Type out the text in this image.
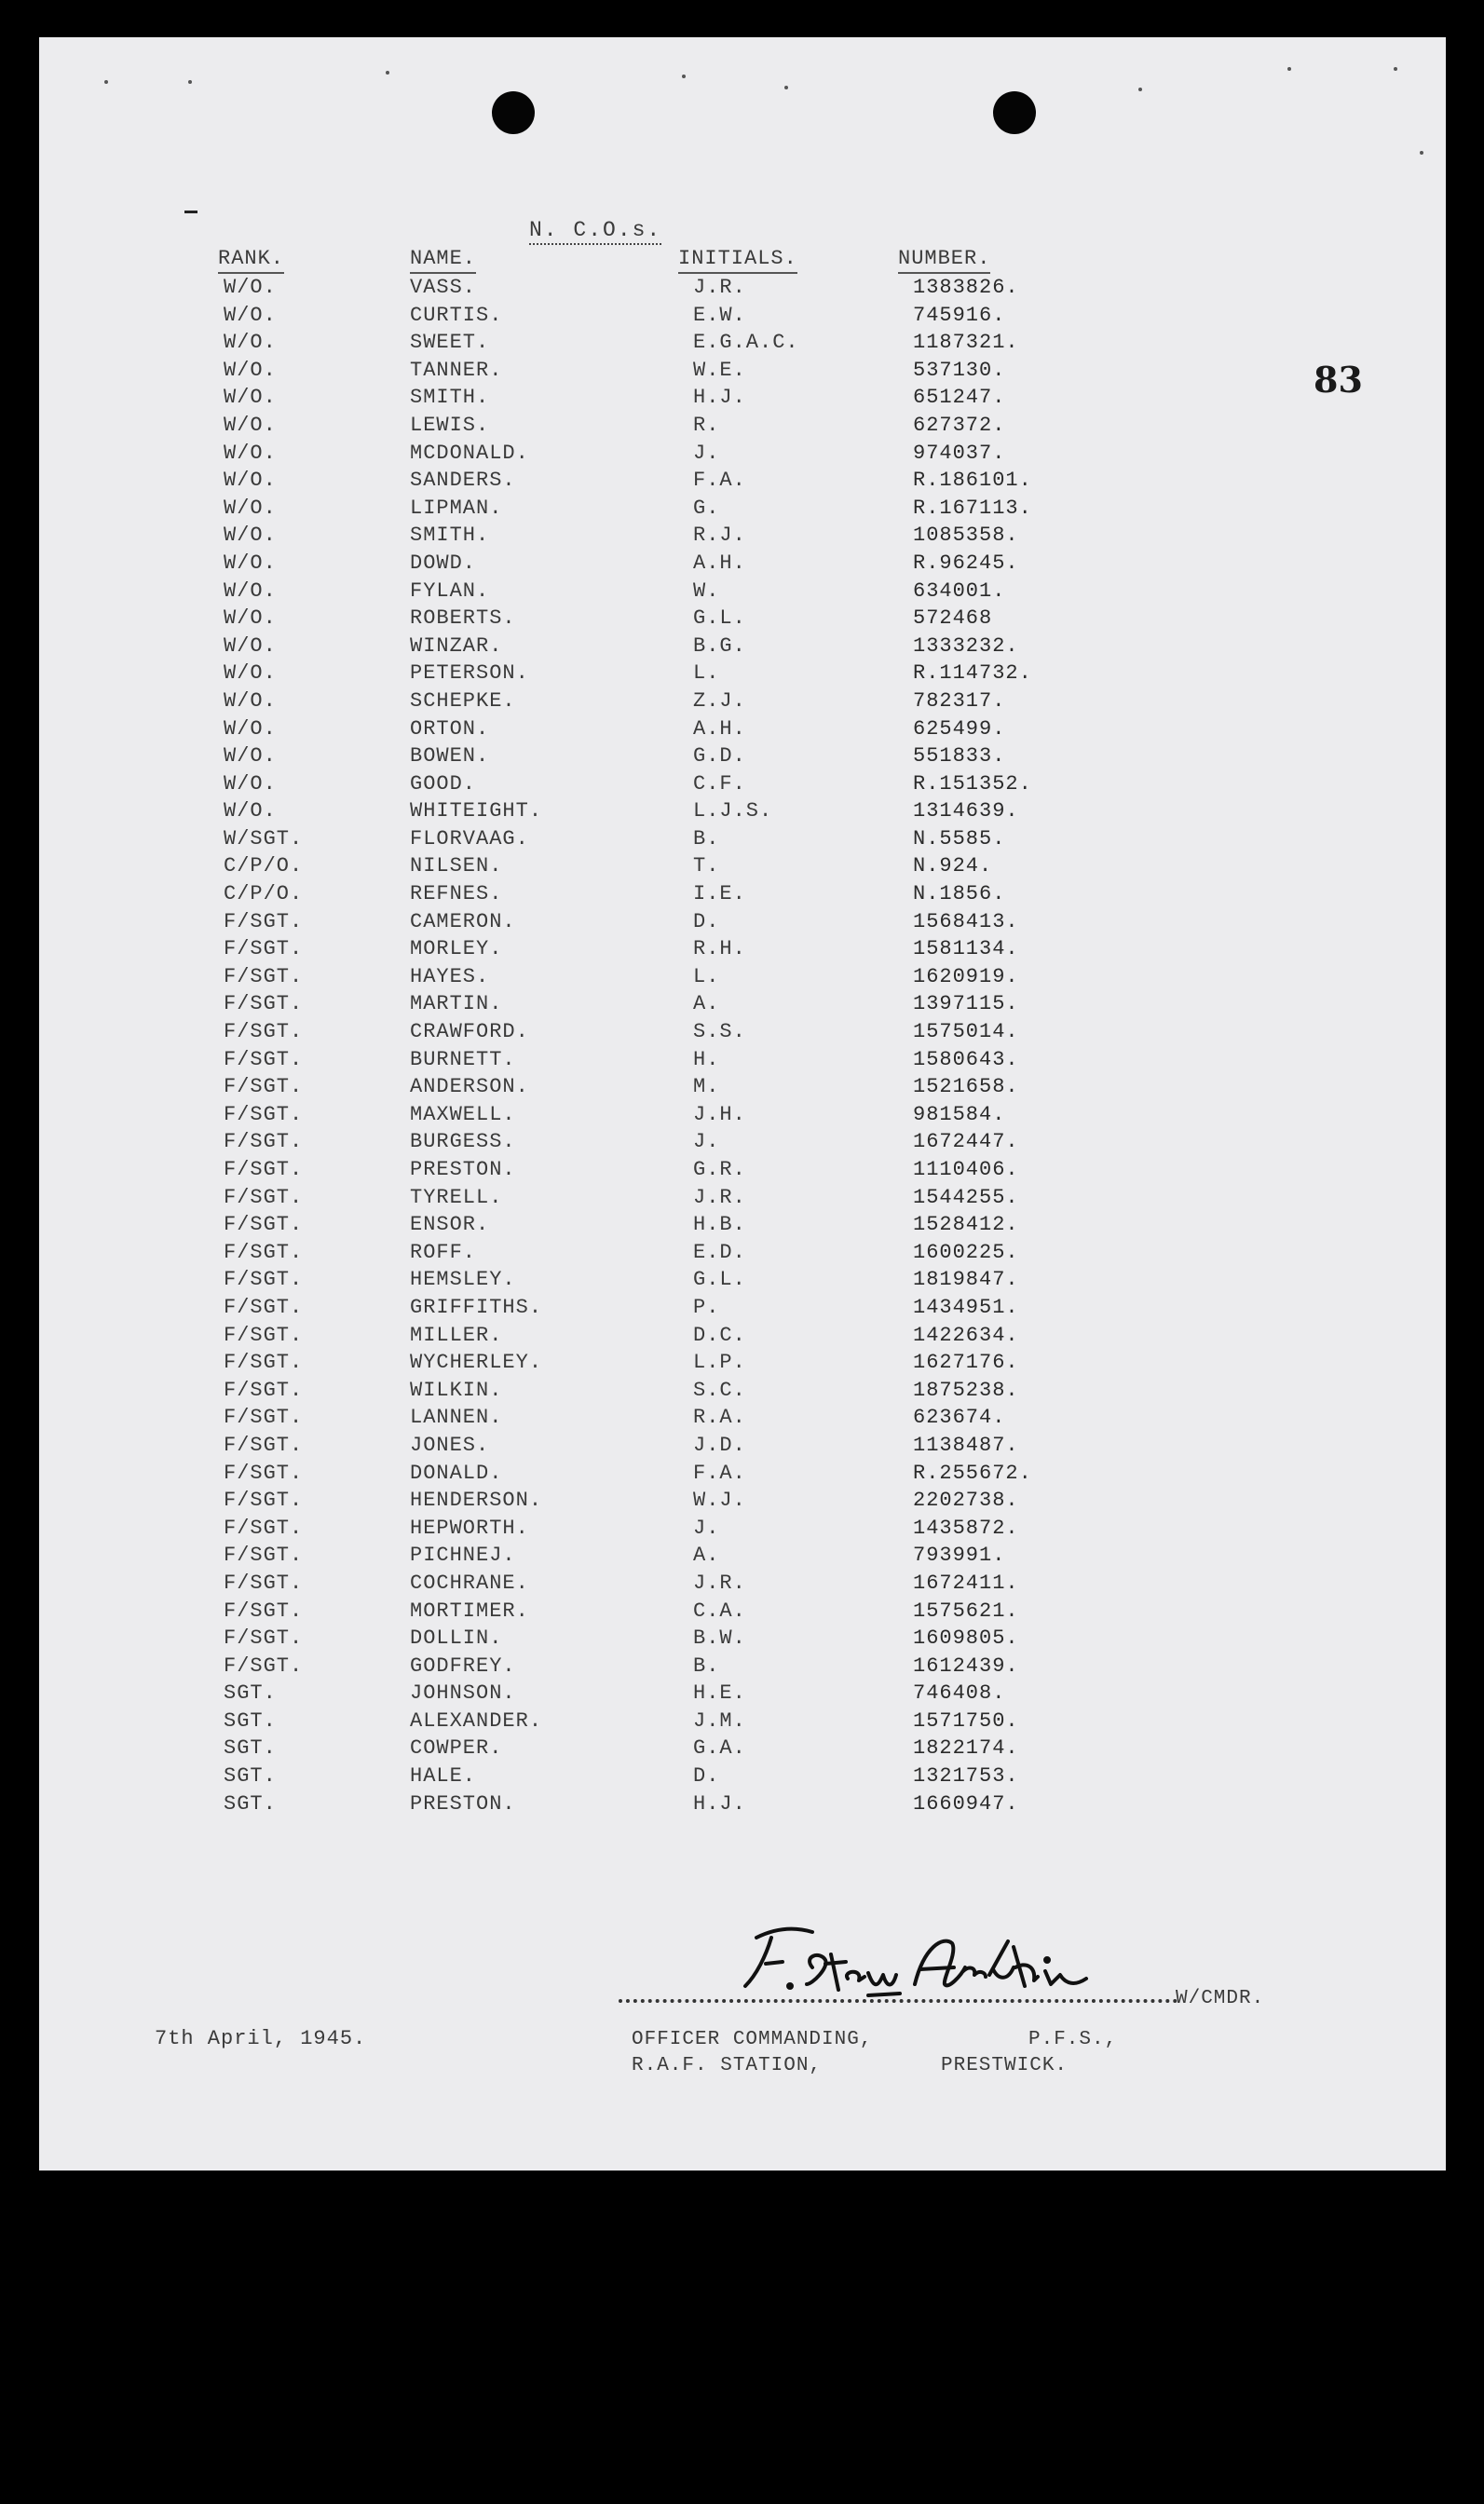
83
N. C.O.s.
RANK.	NAME.	INITIALS.	NUMBER.
W/O.	VASS.	J.R.	1383826.
W/O.	CURTIS.	E.W.	745916.
W/O.	SWEET.	E.G.A.C.	1187321.
W/O.	TANNER.	W.E.	537130.
W/O.	SMITH.	H.J.	651247.
W/O.	LEWIS.	R.	627372.
W/O.	MCDONALD.	J.	974037.
W/O.	SANDERS.	F.A.	R.186101.
W/O.	LIPMAN.	G.	R.167113.
W/O.	SMITH.	R.J.	1085358.
W/O.	DOWD.	A.H.	R.96245.
W/O.	FYLAN.	W.	634001.
W/O.	ROBERTS.	G.L.	572468
W/O.	WINZAR.	B.G.	1333232.
W/O.	PETERSON.	L.	R.114732.
W/O.	SCHEPKE.	Z.J.	782317.
W/O.	ORTON.	A.H.	625499.
W/O.	BOWEN.	G.D.	551833.
W/O.	GOOD.	C.F.	R.151352.
W/O.	WHITEIGHT.	L.J.S.	1314639.
W/SGT.	FLORVAAG.	B.	N.5585.
C/P/O.	NILSEN.	T.	N.924.
C/P/O.	REFNES.	I.E.	N.1856.
F/SGT.	CAMERON.	D.	1568413.
F/SGT.	MORLEY.	R.H.	1581134.
F/SGT.	HAYES.	L.	1620919.
F/SGT.	MARTIN.	A.	1397115.
F/SGT.	CRAWFORD.	S.S.	1575014.
F/SGT.	BURNETT.	H.	1580643.
F/SGT.	ANDERSON.	M.	1521658.
F/SGT.	MAXWELL.	J.H.	981584.
F/SGT.	BURGESS.	J.	1672447.
F/SGT.	PRESTON.	G.R.	1110406.
F/SGT.	TYRELL.	J.R.	1544255.
F/SGT.	ENSOR.	H.B.	1528412.
F/SGT.	ROFF.	E.D.	1600225.
F/SGT.	HEMSLEY.	G.L.	1819847.
F/SGT.	GRIFFITHS.	P.	1434951.
F/SGT.	MILLER.	D.C.	1422634.
F/SGT.	WYCHERLEY.	L.P.	1627176.
F/SGT.	WILKIN.	S.C.	1875238.
F/SGT.	LANNEN.	R.A.	623674.
F/SGT.	JONES.	J.D.	1138487.
F/SGT.	DONALD.	F.A.	R.255672.
F/SGT.	HENDERSON.	W.J.	2202738.
F/SGT.	HEPWORTH.	J.	1435872.
F/SGT.	PICHNEJ.	A.	793991.
F/SGT.	COCHRANE.	J.R.	1672411.
F/SGT.	MORTIMER.	C.A.	1575621.
F/SGT.	DOLLIN.	B.W.	1609805.
F/SGT.	GODFREY.	B.	1612439.
SGT.	JOHNSON.	H.E.	746408.
SGT.	ALEXANDER.	J.M.	1571750.
SGT.	COWPER.	G.A.	1822174.
SGT.	HALE.	D.	1321753.
SGT.	PRESTON.	H.J.	1660947.
W/CMDR.
7th April, 1945.	OFFICER COMMANDING,	P.F.S.,
R.A.F. STATION,	PRESTWICK.
